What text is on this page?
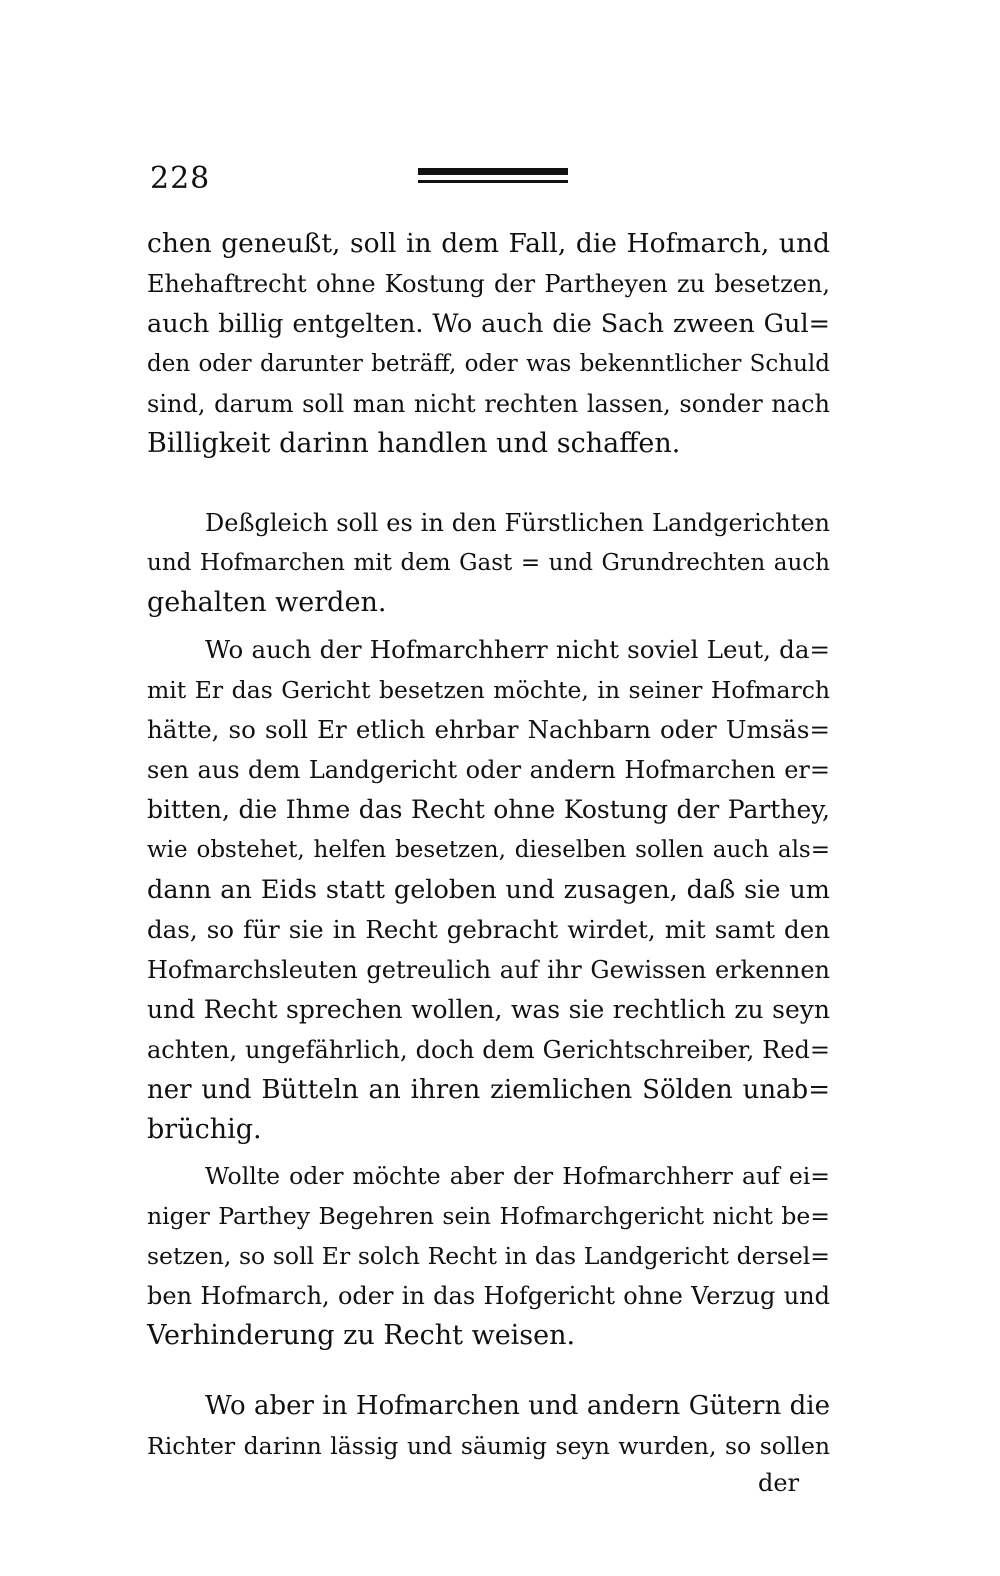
228
chen geneußt, soll in dem Fall, die Hofmarch, und
Ehehaftrecht ohne Kostung der Partheyen zu besetzen,
auch billig entgelten. Wo auch die Sach zween Gul=
den oder darunter beträff, oder was bekenntlicher Schuld
sind, darum soll man nicht rechten lassen, sonder nach
Billigkeit darinn handlen und schaffen.
Deßgleich soll es in den Fürstlichen Landgerichten
und Hofmarchen mit dem Gast = und Grundrechten auch
gehalten werden.
Wo auch der Hofmarchherr nicht soviel Leut, da=
mit Er das Gericht besetzen möchte, in seiner Hofmarch
hätte, so soll Er etlich ehrbar Nachbarn oder Umsäs=
sen aus dem Landgericht oder andern Hofmarchen er=
bitten, die Ihme das Recht ohne Kostung der Parthey,
wie obstehet, helfen besetzen, dieselben sollen auch als=
dann an Eids statt geloben und zusagen, daß sie um
das, so für sie in Recht gebracht wirdet, mit samt den
Hofmarchsleuten getreulich auf ihr Gewissen erkennen
und Recht sprechen wollen, was sie rechtlich zu seyn
achten, ungefährlich, doch dem Gerichtschreiber, Red=
ner und Bütteln an ihren ziemlichen Sölden unab=
brüchig.
Wollte oder möchte aber der Hofmarchherr auf ei=
niger Parthey Begehren sein Hofmarchgericht nicht be=
setzen, so soll Er solch Recht in das Landgericht dersel=
ben Hofmarch, oder in das Hofgericht ohne Verzug und
Verhinderung zu Recht weisen.
Wo aber in Hofmarchen und andern Gütern die
Richter darinn lässig und säumig seyn wurden, so sollen
der
